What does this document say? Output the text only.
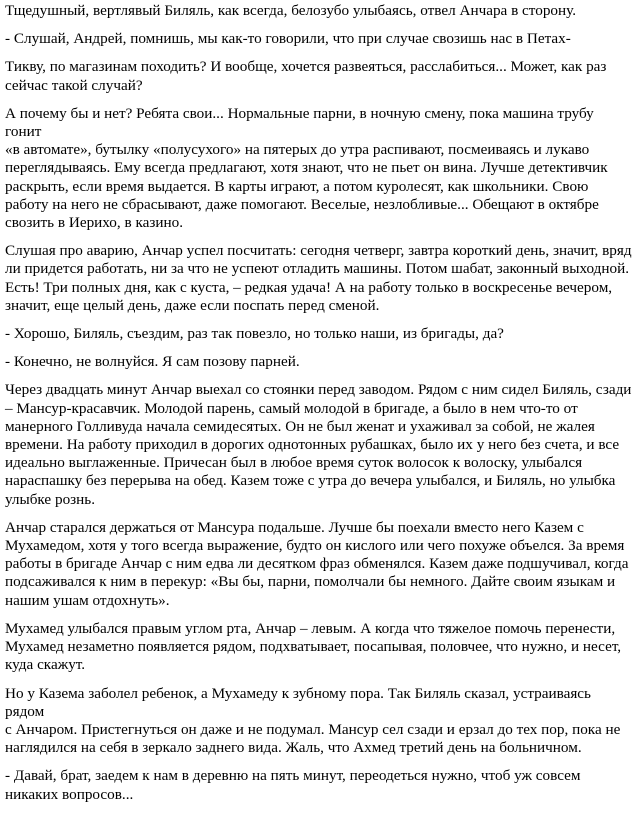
Тщедушный, вертлявый Биляль, как всегда, белозубо улыбаясь, отвел Анчара в сторону.

- Слушай, Андрей, помнишь, мы как-то говорили, что при случае свозишь нас в Петах-

Тикву, по магазинам походить? И вообще, хочется развеяться, расслабиться... Может, как раз
сейчас такой случай?

А почему бы и нет? Ребята свои... Нормальные парни, в ночную смену, пока машина трубу гонит
«в автомате», бутылку «полусухого» на пятерых до утра распивают, посмеиваясь и лукаво
переглядываясь. Ему всегда предлагают, хотя знают, что не пьет он вина. Лучше детективчик
раскрыть, если время выдается. В карты играют, а потом куролесят, как школьники. Свою
работу на него не сбрасывают, даже помогают. Веселые, незлобливые... Обещают в октябре
свозить в Иерихо, в казино.

Слушая про аварию, Анчар успел посчитать: сегодня четверг, завтра короткий день, значит, вряд
ли придется работать, ни за что не успеют отладить машины. Потом шабат, законный выходной.
Есть! Три полных дня, как с куста, – редкая удача! А на работу только в воскресенье вечером,
значит, еще целый день, даже если поспать перед сменой.

- Хорошо, Биляль, съездим, раз так повезло, но только наши, из бригады, да?

- Конечно, не волнуйся. Я сам позову парней.

Через двадцать минут Анчар выехал со стоянки перед заводом. Рядом с ним сидел Биляль, сзади
– Мансур-красавчик. Молодой парень, самый молодой в бригаде, а было в нем что-то от
манерного Голливуда начала семидесятых. Он не был женат и ухаживал за собой, не жалея
времени. На работу приходил в дорогих однотонных рубашках, было их у него без счета, и все
идеально выглаженные. Причесан был в любое время суток волосок к волоску, улыбался
нараспашку без перерыва на обед. Казем тоже с утра до вечера улыбался, и Биляль, но улыбка
улыбке рознь.

Анчар старался держаться от Мансура подальше. Лучше бы поехали вместо него Казем с
Мухамедом, хотя у того всегда выражение, будто он кислого или чего похуже объелся. За время
работы в бригаде Анчар с ним едва ли десятком фраз обменялся. Казем даже подшучивал, когда
подсаживался к ним в перекур: «Вы бы, парни, помолчали бы немного. Дайте своим языкам и
нашим ушам отдохнуть».

Мухамед улыбался правым углом рта, Анчар – левым. А когда что тяжелое помочь перенести,
Мухамед незаметно появляется рядом, подхватывает, посапывая, половчее, что нужно, и несет,
куда скажут.

Но у Казема заболел ребенок, а Мухамеду к зубному пора. Так Биляль сказал, устраиваясь рядом
с Анчаром. Пристегнуться он даже и не подумал. Мансур сел сзади и ерзал до тех пор, пока не
наглядился на себя в зеркало заднего вида. Жаль, что Ахмед третий день на больничном.

- Давай, брат, заедем к нам в деревню на пять минут, переодеться нужно, чтоб уж совсем
никаких вопросов...
